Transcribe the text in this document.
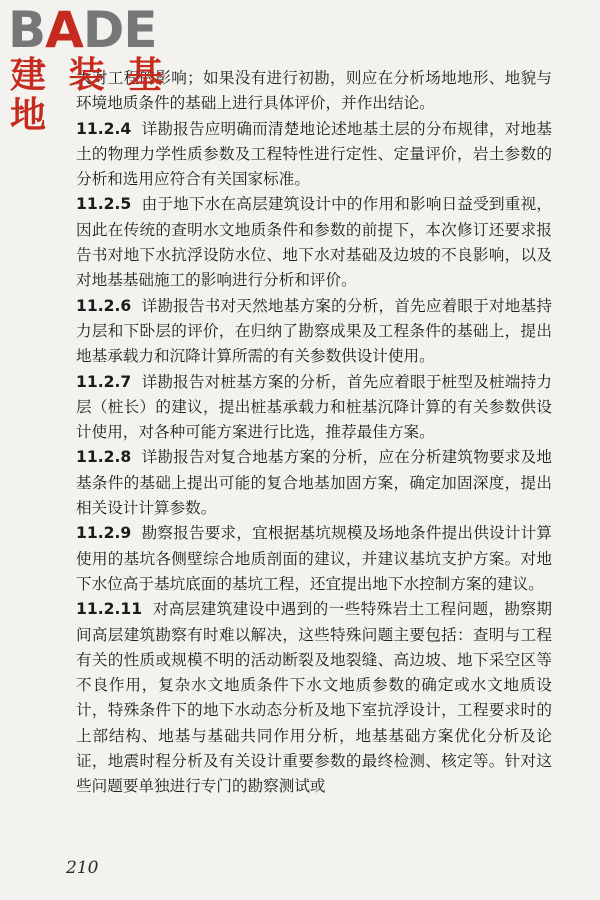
BADE
建 装 基 地

大对工程的影响；如果没有进行初勘，则应在分析场地地形、地貌与环境地质条件的基础上进行具体评价，并作出结论。

11.2.4 详勘报告应明确而清楚地论述地基土层的分布规律，对地基土的物理力学性质参数及工程特性进行定性、定量评价，岩土参数的分析和选用应符合有关国家标准。

11.2.5 由于地下水在高层建筑设计中的作用和影响日益受到重视，因此在传统的查明水文地质条件和参数的前提下，本次修订还要求报告书对地下水抗浮设防水位、地下水对基础及边坡的不良影响，以及对地基基础施工的影响进行分析和评价。

11.2.6 详勘报告书对天然地基方案的分析，首先应着眼于对地基持力层和下卧层的评价，在归纳了勘察成果及工程条件的基础上，提出地基承载力和沉降计算所需的有关参数供设计使用。

11.2.7 详勘报告对桩基方案的分析，首先应着眼于桩型及桩端持力层（桩长）的建议，提出桩基承载力和桩基沉降计算的有关参数供设计使用，对各种可能方案进行比选，推荐最佳方案。

11.2.8 详勘报告对复合地基方案的分析，应在分析建筑物要求及地基条件的基础上提出可能的复合地基加固方案，确定加固深度，提出相关设计计算参数。

11.2.9 勘察报告要求，宜根据基坑规模及场地条件提出供设计计算使用的基坑各侧壁综合地质剖面的建议，并建议基坑支护方案。对地下水位高于基坑底面的基坑工程，还宜提出地下水控制方案的建议。

11.2.11 对高层建筑建设中遇到的一些特殊岩土工程问题，勘察期间高层建筑勘察有时难以解决，这些特殊问题主要包括：查明与工程有关的性质或规模不明的活动断裂及地裂缝、高边坡、地下采空区等不良作用，复杂水文地质条件下水文地质参数的确定或水文地质设计，特殊条件下的地下水动态分析及地下室抗浮设计，工程要求时的上部结构、地基与基础共同作用分析，地基基础方案优化分析及论证，地震时程分析及有关设计重要参数的最终检测、核定等。针对这些问题要单独进行专门的勘察测试或

210
